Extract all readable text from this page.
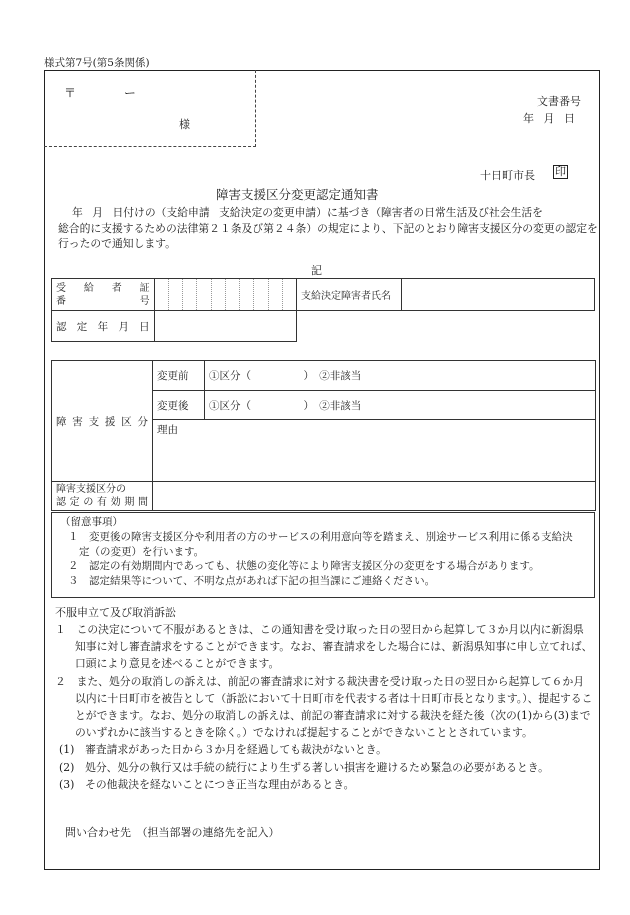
様式第7号(第5条関係)
〒 ー
様
文書番号
年 月 日
十日町市長 印
障害支援区分変更認定通知書
年 月 日付けの（支給申請 支給決定の変更申請）に基づき（障害者の日常生活及び社会生活を
総合的に支援するための法律第２１条及び第２４条）の規定により、下記のとおり障害支援区分の変更の認定を
行ったので通知します。
記
受 給 者 証
番 号											支給決定障害者氏名	

認 定 年 月 日												

障 害 支 援 区 分	変更前	①区分（　　　　　）　②非該当
	変更後	①区分（　　　　　）　②非該当
	理由	

障害支援区分の
認定の有効期間		

（留意事項）
１　変更後の障害支援区分や利用者の方のサービスの利用意向等を踏まえ、別途サービス利用に係る支給決
定（の変更）を行います。
２　認定の有効期間内であっても、状態の変化等により障害支援区分の変更をする場合があります。
３　認定結果等について、不明な点があれば下記の担当課にご連絡ください。
不服申立て及び取消訴訟
１　この決定について不服があるときは、この通知書を受け取った日の翌日から起算して３か月以内に新潟県
知事に対し審査請求をすることができます。なお、審査請求をした場合には、新潟県知事に申し立てれば、
口頭により意見を述べることができます。
２　また、処分の取消しの訴えは、前記の審査請求に対する裁決書を受け取った日の翌日から起算して６か月
以内に十日町市を被告として（訴訟において十日町市を代表する者は十日町市長となります。）、提起するこ
とができます。なお、処分の取消しの訴えは、前記の審査請求に対する裁決を経た後（次の(1)から(3)まで
のいずれかに該当するときを除く。）でなければ提起することができないこととされています。
(1)　審査請求があった日から３か月を経過しても裁決がないとき。
(2)　処分、処分の執行又は手続の続行により生ずる著しい損害を避けるため緊急の必要があるとき。
(3)　その他裁決を経ないことにつき正当な理由があるとき。
問い合わせ先　（担当部署の連絡先を記入）
